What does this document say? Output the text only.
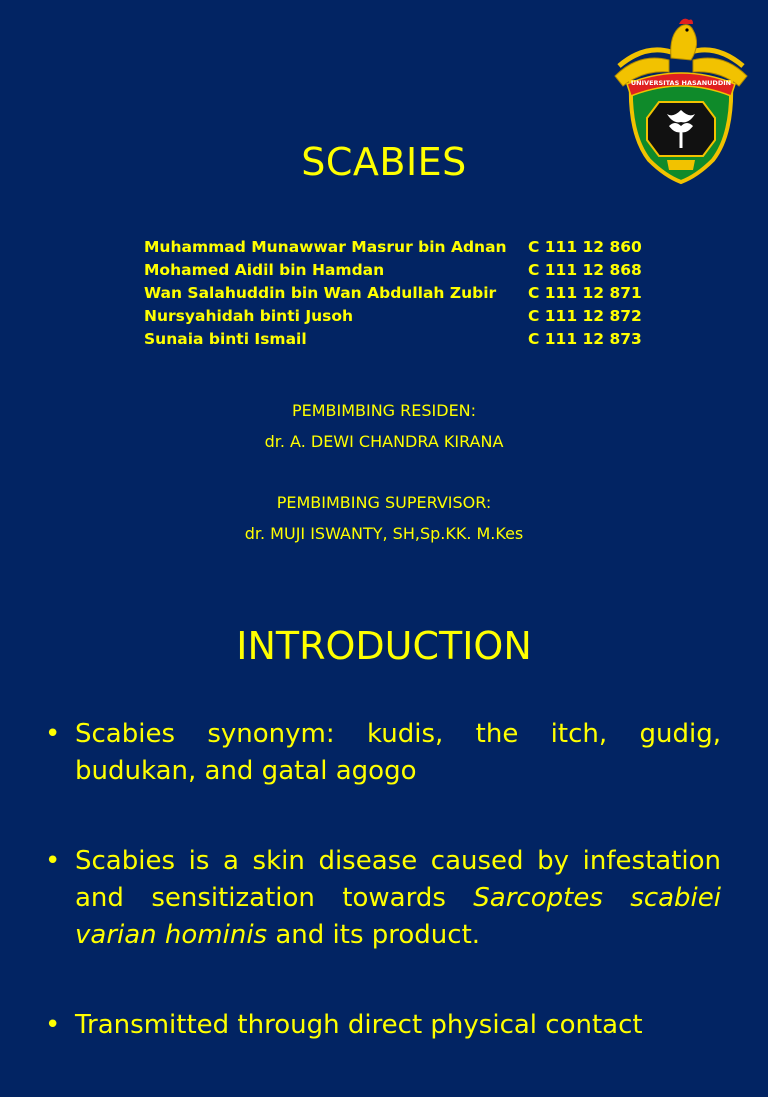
UNIVERSITAS HASANUDDIN
SCABIES
Muhammad Munawwar Masrur bin Adnan C 111 12 860
Mohamed Aidil bin Hamdan	C 111 12 868
Wan Salahuddin bin Wan Abdullah Zubir C 111 12 871
Nursyahidah binti Jusoh	C 111 12 872
Sunaia binti Ismail	C 111 12 873
PEMBIMBING RESIDEN:
dr. A. DEWI CHANDRA KIRANA
PEMBIMBING SUPERVISOR:
dr. MUJI ISWANTY, SH,Sp.KK. M.Kes
INTRODUCTION
• Scabies synonym: kudis, the itch, gudig, budukan, and gatal agogo

• Scabies is a skin disease caused by infestation and sensitization towards Sarcoptes scabiei varian hominis and its product.

• Transmitted through direct physical contact
